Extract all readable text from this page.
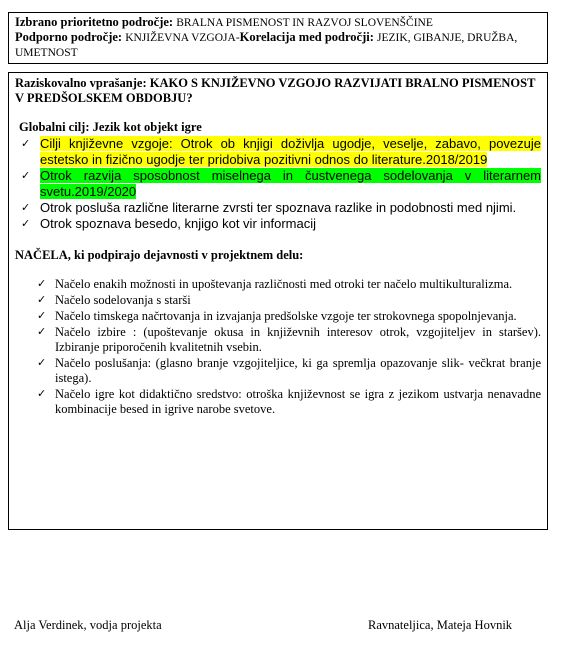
Izbrano prioritetno področje: BRALNA PISMENOST IN RAZVOJ SLOVENŠČINE
Podporno področje: KNJIŽEVNA VZGOJA-Korelacija med področji: JEZIK, GIBANJE, DRUŽBA, UMETNOST
Raziskovalno vprašanje: KAKO S KNJIŽEVNO VZGOJO RAZVIJATI BRALNO PISMENOST V PREDŠOLSKEM OBDOBJU?
Globalni cilj: Jezik kot objekt igre
✓ Cilji književne vzgoje: Otrok ob knjigi doživlja ugodje, veselje, zabavo, povezuje estetsko in fizično ugodje ter pridobiva pozitivni odnos do literature.2018/2019
✓ Otrok razvija sposobnost miselnega in čustvenega sodelovanja v literarnem svetu.2019/2020
✓ Otrok posluša različne literarne zvrsti ter spoznava razlike in podobnosti med njimi.
✓ Otrok spoznava besedo, knjigo kot vir informacij
NAČELA, ki podpirajo dejavnosti v projektnem delu:
✓ Načelo enakih možnosti in upoštevanja različnosti med otroki ter načelo multikulturalizma.
✓ Načelo sodelovanja s starši
✓ Načelo timskega načrtovanja in izvajanja predšolske vzgoje ter strokovnega spopolnjevanja.
✓ Načelo izbire : (upoštevanje okusa in književnih interesov otrok, vzgojiteljev in staršev). Izbiranje priporočenih kvalitetnih vsebin.
✓ Načelo poslušanja: (glasno branje vzgojiteljice, ki ga spremlja opazovanje slik- večkrat branje istega).
✓ Načelo igre kot didaktično sredstvo: otroška književnost se igra z jezikom ustvarja nenavadne kombinacije besed in igrive narobe svetove.
Alja Verdinek, vodja projekta	Ravnateljica, Mateja Hovnik
